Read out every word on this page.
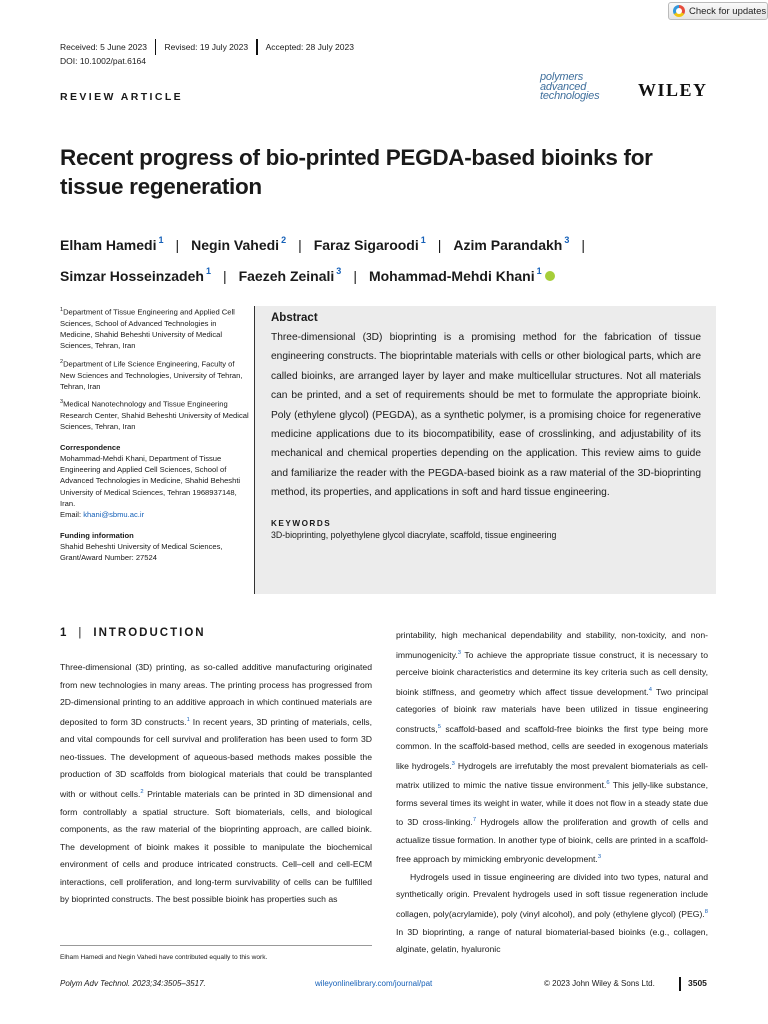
Check for updates
Received: 5 June 2023 Revised: 19 July 2023 Accepted: 28 July 2023
DOI: 10.1002/pat.6164
REVIEW ARTICLE
polymers
advanced
technologies	WILEY
Recent progress of bio-printed PEGDA-based bioinks for tissue regeneration
Elham Hamedi $^1$ | Negin Vahedi $^2$ | Faraz Sigaroodi $^1$ | Azim Parandakh $^3$ |
Simzar Hosseinzadeh $^1$ | Faezeh Zeinali $^3$ | Mohammad-Mehdi Khani $^1$

$^1$Department of Tissue Engineering and Applied Cell Sciences, School of Advanced Technologies in Medicine, Shahid Beheshti University of Medical Sciences, Tehran, Iran

$^2$Department of Life Science Engineering, Faculty of New Sciences and Technologies, University of Tehran, Tehran, Iran

$^3$Medical Nanotechnology and Tissue Engineering Research Center, Shahid Beheshti University of Medical Sciences, Tehran, Iran

Correspondence

Mohammad-Mehdi Khani, Department of Tissue Engineering and Applied Cell Sciences, School of Advanced Technologies in Medicine, Shahid Beheshti University of Medical Sciences, Tehran 1968937148, Iran.
Email: khani@sbmu.ac.ir

Funding information

Shahid Beheshti University of Medical Sciences, Grant/Award Number: 27524

Abstract
Three-dimensional (3D) bioprinting is a promising method for the fabrication of tissue engineering constructs. The bioprintable materials with cells or other biological parts, which are called bioinks, are arranged layer by layer and make multicellular structures. Not all materials can be printed, and a set of requirements should be met to formulate the appropriate bioink. Poly (ethylene glycol) (PEGDA), as a synthetic polymer, is a promising choice for regenerative medicine applications due to its biocompatibility, ease of crosslinking, and adjustability of its mechanical and chemical properties depending on the application. This review aims to guide and familiarize the reader with the PEGDA-based bioink as a raw material of the 3D-bioprinting method, its properties, and applications in soft and hard tissue engineering.
KEYWORDS
3D-bioprinting, polyethylene glycol diacrylate, scaffold, tissue engineering
1 | INTRODUCTION

Three-dimensional (3D) printing, as so-called additive manufacturing originated from new technologies in many areas. The printing process has progressed from 2D-dimensional printing to an additive approach in which continued materials are deposited to form 3D constructs.$^1$ In recent years, 3D printing of materials, cells, and vital compounds for cell survival and proliferation has been used to form 3D neo-tissues. The development of aqueous-based methods makes possible the production of 3D scaffolds from biological materials that could be transplanted with or without cells.$^2$ Printable materials can be printed in 3D dimensional and form controllably a spatial structure. Soft biomaterials, cells, and biological components, as the raw material of the bioprinting approach, are called bioink. The development of bioink makes it possible to manipulate the biochemical environment of cells and produce intricated constructs. Cell–cell and cell-ECM interactions, cell proliferation, and long-term survivability of cells can be fulfilled by bioprinted constructs. The best possible bioink has properties such as

printability, high mechanical dependability and stability, non-toxicity, and non-immunogenicity.$^3$ To achieve the appropriate tissue construct, it is necessary to perceive bioink characteristics and determine its key criteria such as cell density, bioink stiffness, and geometry which affect tissue development.$^4$ Two principal categories of bioink raw materials have been utilized in tissue engineering constructs,$^5$ scaffold-based and scaffold-free bioinks the first type being more common. In the scaffold-based method, cells are seeded in exogenous materials like hydrogels.$^3$ Hydrogels are irrefutably the most prevalent biomaterials as cell-matrix utilized to mimic the native tissue environment.$^6$ This jelly-like substance, forms several times its weight in water, while it does not flow in a steady state due to 3D cross-linking.$^7$ Hydrogels allow the proliferation and growth of cells and actualize tissue formation. In another type of bioink, cells are printed in a scaffold-free approach by mimicking embryonic development.$^3$

Hydrogels used in tissue engineering are divided into two types, natural and synthetically origin. Prevalent hydrogels used in soft tissue regeneration include collagen, poly(acrylamide), poly (vinyl alcohol), and poly (ethylene glycol) (PEG).$^8$ In 3D bioprinting, a range of natural biomaterial-based bioinks (e.g., collagen, alginate, gelatin, hyaluronic

Elham Hamedi and Negin Vahedi have contributed equally to this work.
Polym Adv Technol. 2023;34:3505–3517.	wileyonlinelibrary.com/journal/pat	© 2023 John Wiley & Sons Ltd.	3505
